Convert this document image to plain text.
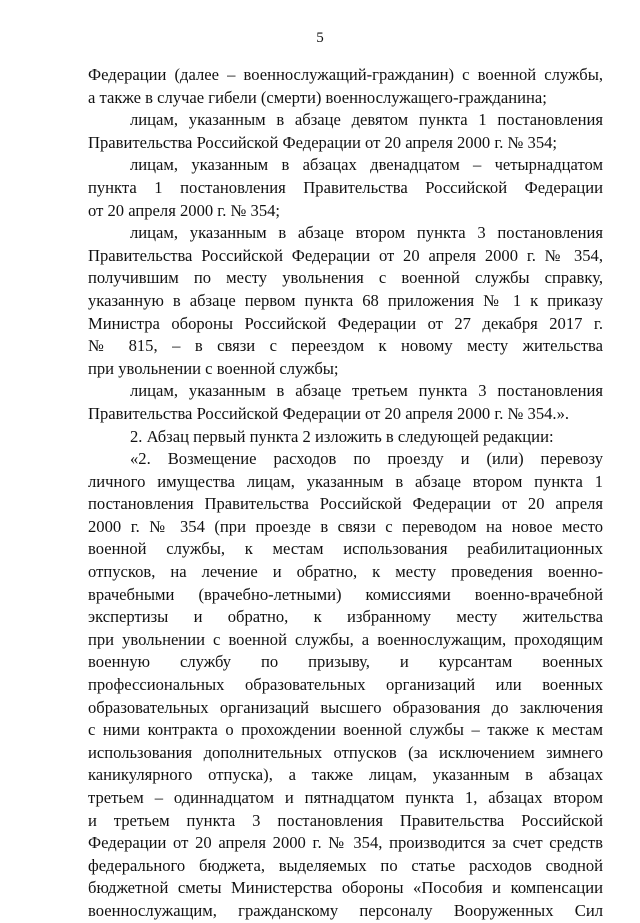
5
Федерации (далее – военнослужащий-гражданин) с военной службы,
а также в случае гибели (смерти) военнослужащего-гражданина;
лицам, указанным в абзаце девятом пункта 1 постановления
Правительства Российской Федерации от 20 апреля 2000 г. № 354;
лицам, указанным в абзацах двенадцатом – четырнадцатом
пункта 1 постановления Правительства Российской Федерации
от 20 апреля 2000 г. № 354;
лицам, указанным в абзаце втором пункта 3 постановления
Правительства Российской Федерации от 20 апреля 2000 г. № 354,
получившим по месту увольнения с военной службы справку,
указанную в абзаце первом пункта 68 приложения № 1 к приказу
Министра обороны Российской Федерации от 27 декабря 2017 г.
№ 815, – в связи с переездом к новому месту жительства
при увольнении с военной службы;
лицам, указанным в абзаце третьем пункта 3 постановления
Правительства Российской Федерации от 20 апреля 2000 г. № 354.».
2. Абзац первый пункта 2 изложить в следующей редакции:
«2. Возмещение расходов по проезду и (или) перевозу
личного имущества лицам, указанным в абзаце втором пункта 1
постановления Правительства Российской Федерации от 20 апреля
2000 г. № 354 (при проезде в связи с переводом на новое место
военной службы, к местам использования реабилитационных
отпусков, на лечение и обратно, к месту проведения военно-
врачебными (врачебно-летными) комиссиями военно-врачебной
экспертизы и обратно, к избранному месту жительства
при увольнении с военной службы, а военнослужащим, проходящим
военную службу по призыву, и курсантам военных
профессиональных образовательных организаций или военных
образовательных организаций высшего образования до заключения
с ними контракта о прохождении военной службы – также к местам
использования дополнительных отпусков (за исключением зимнего
каникулярного отпуска), а также лицам, указанным в абзацах
третьем – одиннадцатом и пятнадцатом пункта 1, абзацах втором
и третьем пункта 3 постановления Правительства Российской
Федерации от 20 апреля 2000 г. № 354, производится за счет средств
федерального бюджета, выделяемых по статье расходов сводной
бюджетной сметы Министерства обороны «Пособия и компенсации
военнослужащим, гражданскому персоналу Вооруженных Сил
